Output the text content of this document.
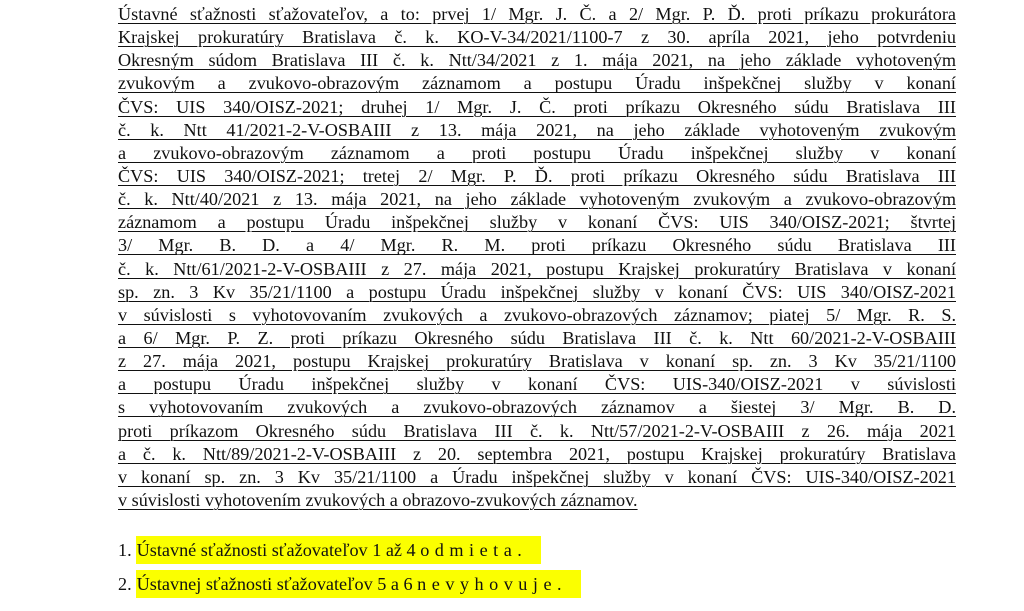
Ústavné sťažnosti sťažovateľov, a to: prvej 1/ Mgr. J. Č. a 2/ Mgr. P. Ď. proti príkazu prokurátora
Krajskej prokuratúry Bratislava č. k. KO-V-34/2021/1100-7 z 30. apríla 2021, jeho potvrdeniu
Okresným súdom Bratislava III č. k. Ntt/34/2021 z 1. mája 2021, na jeho základe vyhotoveným
zvukovým a zvukovo-obrazovým záznamom a postupu Úradu inšpekčnej služby v konaní
ČVS: UIS 340/OISZ-2021; druhej 1/ Mgr. J. Č. proti príkazu Okresného súdu Bratislava III
č. k. Ntt 41/2021-2-V-OSBAIII z 13. mája 2021, na jeho základe vyhotoveným zvukovým
a zvukovo-obrazovým záznamom a proti postupu Úradu inšpekčnej služby v konaní
ČVS: UIS 340/OISZ-2021; tretej 2/ Mgr. P. Ď. proti príkazu Okresného súdu Bratislava III
č. k. Ntt/40/2021 z 13. mája 2021, na jeho základe vyhotoveným zvukovým a zvukovo-obrazovým
záznamom a postupu Úradu inšpekčnej služby v konaní ČVS: UIS 340/OISZ-2021; štvrtej
3/ Mgr. B. D. a 4/ Mgr. R. M. proti príkazu Okresného súdu Bratislava III
č. k. Ntt/61/2021-2-V-OSBAIII z 27. mája 2021, postupu Krajskej prokuratúry Bratislava v konaní
sp. zn. 3 Kv 35/21/1100 a postupu Úradu inšpekčnej služby v konaní ČVS: UIS 340/OISZ-2021
v súvislosti s vyhotovovaním zvukových a zvukovo-obrazových záznamov; piatej 5/ Mgr. R. S.
a 6/ Mgr. P. Z. proti príkazu Okresného súdu Bratislava III č. k. Ntt 60/2021-2-V-OSBAIII
z 27. mája 2021, postupu Krajskej prokuratúry Bratislava v konaní sp. zn. 3 Kv 35/21/1100
a postupu Úradu inšpekčnej služby v konaní ČVS: UIS-340/OISZ-2021 v súvislosti
s vyhotovovaním zvukových a zvukovo-obrazových záznamov a šiestej 3/ Mgr. B. D.
proti príkazom Okresného súdu Bratislava III č. k. Ntt/57/2021-2-V-OSBAIII z 26. mája 2021
a č. k. Ntt/89/2021-2-V-OSBAIII z 20. septembra 2021, postupu Krajskej prokuratúry Bratislava
v konaní sp. zn. 3 Kv 35/21/1100 a Úradu inšpekčnej služby v konaní ČVS: UIS-340/OISZ-2021
v súvislosti vyhotovením zvukových a obrazovo-zvukových záznamov.
1. Ústavné sťažnosti sťažovateľov 1 až 4 odmieta.
2. Ústavnej sťažnosti sťažovateľov 5 a 6 nevyhovuje.
